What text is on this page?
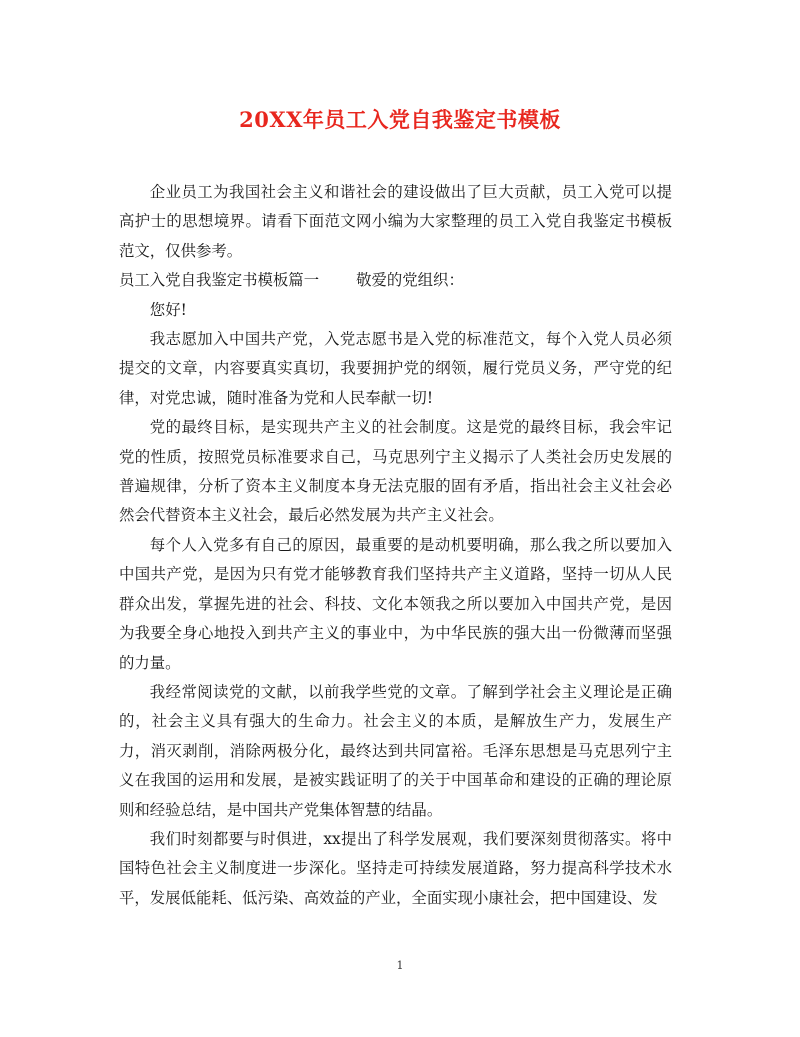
20XX年员工入党自我鉴定书模板

企业员工为我国社会主义和谐社会的建设做出了巨大贡献，员工入党可以提高护士的思想境界。请看下面范文网小编为大家整理的员工入党自我鉴定书模板范文，仅供参考。

员工入党自我鉴定书模板篇一 敬爱的党组织：

您好!

我志愿加入中国共产党，入党志愿书是入党的标准范文，每个入党人员必须提交的文章，内容要真实真切，我要拥护党的纲领，履行党员义务，严守党的纪律，对党忠诚，随时准备为党和人民奉献一切!

党的最终目标，是实现共产主义的社会制度。这是党的最终目标，我会牢记党的性质，按照党员标准要求自己，马克思列宁主义揭示了人类社会历史发展的普遍规律，分析了资本主义制度本身无法克服的固有矛盾，指出社会主义社会必然会代替资本主义社会，最后必然发展为共产主义社会。

每个人入党多有自己的原因，最重要的是动机要明确，那么我之所以要加入中国共产党，是因为只有党才能够教育我们坚持共产主义道路，坚持一切从人民群众出发，掌握先进的社会、科技、文化本领我之所以要加入中国共产党，是因为我要全身心地投入到共产主义的事业中，为中华民族的强大出一份微薄而坚强的力量。

我经常阅读党的文献，以前我学些党的文章。了解到学社会主义理论是正确的，社会主义具有强大的生命力。社会主义的本质，是解放生产力，发展生产力，消灭剥削，消除两极分化，最终达到共同富裕。毛泽东思想是马克思列宁主义在我国的运用和发展，是被实践证明了的关于中国革命和建设的正确的理论原则和经验总结，是中国共产党集体智慧的结晶。

我们时刻都要与时俱进，xx提出了科学发展观，我们要深刻贯彻落实。将中国特色社会主义制度进一步深化。坚持走可持续发展道路，努力提高科学技术水平，发展低能耗、低污染、高效益的产业，全面实现小康社会，把中国建设、发

1
